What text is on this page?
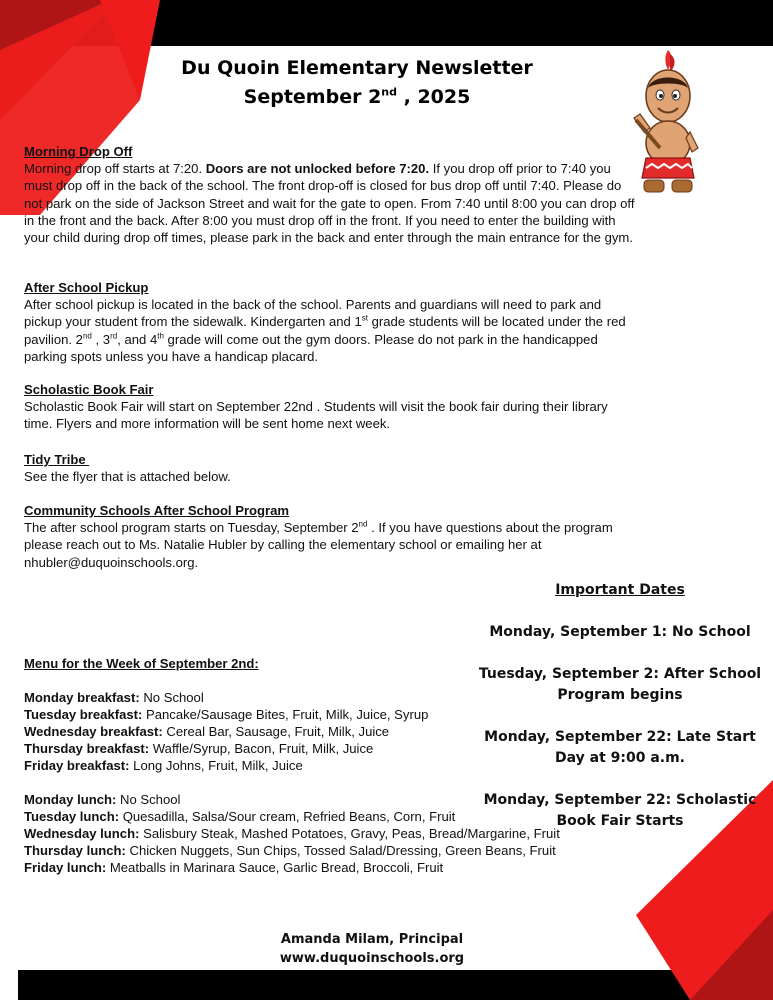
Du Quoin Elementary Newsletter
September 2nd , 2025
Morning Drop Off

Morning drop off starts at 7:20. Doors are not unlocked before 7:20. If you drop off prior to 7:40 you must drop off in the back of the school. The front drop-off is closed for bus drop off until 7:40. Please do not park on the side of Jackson Street and wait for the gate to open. From 7:40 until 8:00 you can drop off in the front and the back. After 8:00 you must drop off in the front. If you need to enter the building with your child during drop off times, please park in the back and enter through the main entrance for the gym.

After School Pickup

After school pickup is located in the back of the school. Parents and guardians will need to park and pickup your student from the sidewalk. Kindergarten and 1st grade students will be located under the red pavilion. 2nd , 3rd, and 4th grade will come out the gym doors. Please do not park in the handicapped parking spots unless you have a handicap placard.

Scholastic Book Fair

Scholastic Book Fair will start on September 22nd . Students will visit the book fair during their library time. Flyers and more information will be sent home next week.

Tidy Tribe

See the flyer that is attached below.

Community Schools After School Program

The after school program starts on Tuesday, September 2nd . If you have questions about the program please reach out to Ms. Natalie Hubler by calling the elementary school or emailing her at nhubler@duquoinschools.org.

Menu for the Week of September 2nd:
Monday breakfast: No School
Tuesday breakfast: Pancake/Sausage Bites, Fruit, Milk, Juice, Syrup
Wednesday breakfast: Cereal Bar, Sausage, Fruit, Milk, Juice
Thursday breakfast: Waffle/Syrup, Bacon, Fruit, Milk, Juice
Friday breakfast: Long Johns, Fruit, Milk, Juice
Monday lunch: No School
Tuesday lunch: Quesadilla, Salsa/Sour cream, Refried Beans, Corn, Fruit
Wednesday lunch: Salisbury Steak, Mashed Potatoes, Gravy, Peas, Bread/Margarine, Fruit
Thursday lunch: Chicken Nuggets, Sun Chips, Tossed Salad/Dressing, Green Beans, Fruit
Friday lunch: Meatballs in Marinara Sauce, Garlic Bread, Broccoli, Fruit
Important Dates
Monday, September 1: No School
Tuesday, September 2: After School Program begins
Monday, September 22: Late Start Day at 9:00 a.m.
Monday, September 22: Scholastic Book Fair Starts
Amanda Milam, Principal
www.duquoinschools.org
